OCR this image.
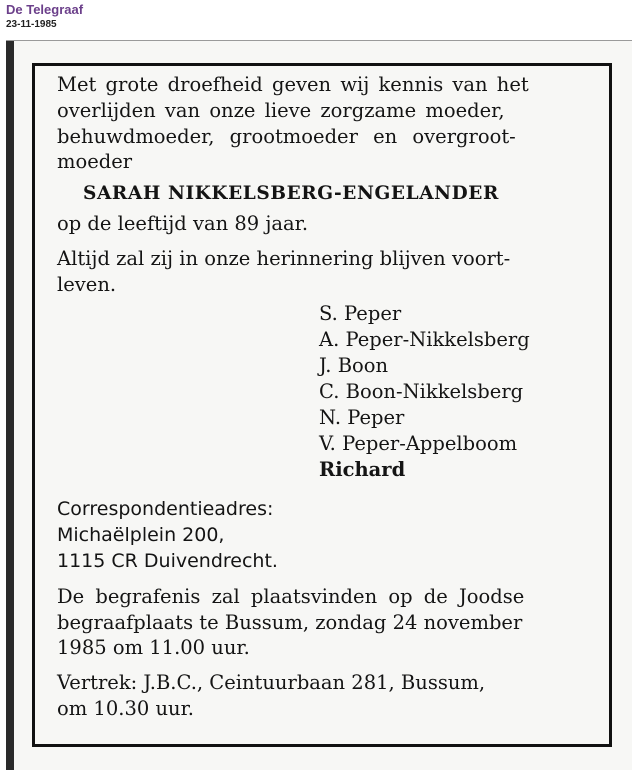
De Telegraaf
23-11-1985

Met grote droefheid geven wij kennis van het

overlijden van onze lieve zorgzame moeder,

behuwdmoeder, grootmoeder en overgroot-

moeder

SARAH NIKKELSBERG-ENGELANDER

op de leeftijd van 89 jaar.

Altijd zal zij in onze herinnering blijven voort-

leven.

S. Peper

A. Peper-Nikkelsberg

J. Boon

C. Boon-Nikkelsberg

N. Peper

V. Peper-Appelboom

Richard

Correspondentieadres:

Michaëlplein 200,

1115 CR Duivendrecht.

De begrafenis zal plaatsvinden op de Joodse

begraafplaats te Bussum, zondag 24 november

1985 om 11.00 uur.

Vertrek: J.B.C., Ceintuurbaan 281, Bussum,

om 10.30 uur.
